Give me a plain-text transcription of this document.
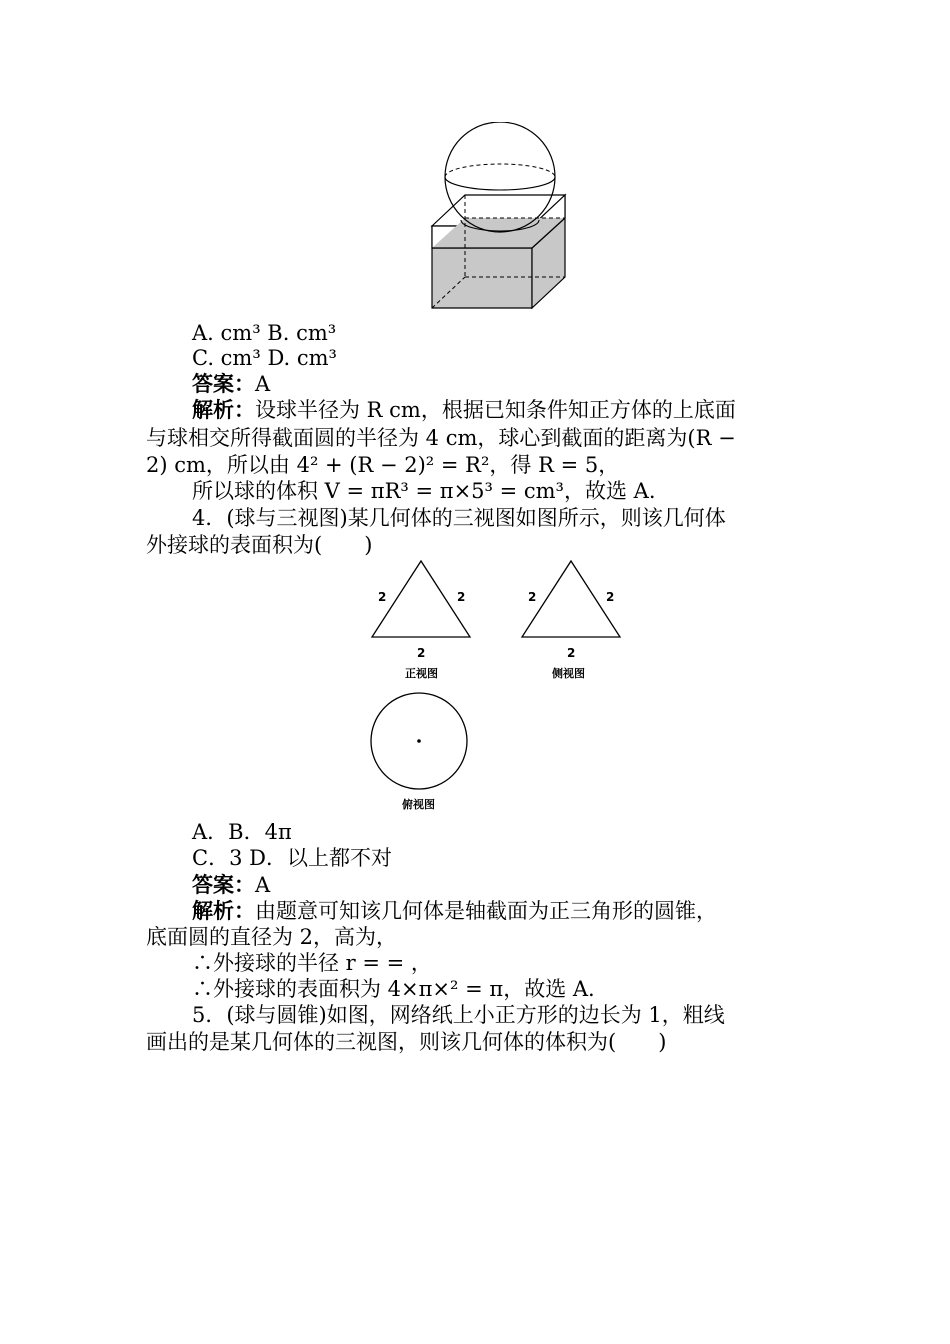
A. cm³ B. cm³
C. cm³ D. cm³
答案：A
解析：设球半径为 R cm，根据已知条件知正方体的上底面
与球相交所得截面圆的半径为 4 cm，球心到截面的距离为(R −
2) cm，所以由 4² + (R − 2)² = R²，得 R = 5，
所以球的体积 V = πR³ = π×5³ = cm³，故选 A.
4．(球与三视图)某几何体的三视图如图所示，则该几何体
外接球的表面积为(　　)
2	2
2
正视图
2	2
2
侧视图
俯视图
A．B．4π
C．3 D．以上都不对
答案：A
解析：由题意可知该几何体是轴截面为正三角形的圆锥，
底面圆的直径为 2，高为，
∴外接球的半径 r = = ，
∴外接球的表面积为 4×π×² = π，故选 A.
5．(球与圆锥)如图，网络纸上小正方形的边长为 1，粗线
画出的是某几何体的三视图，则该几何体的体积为(　　)
